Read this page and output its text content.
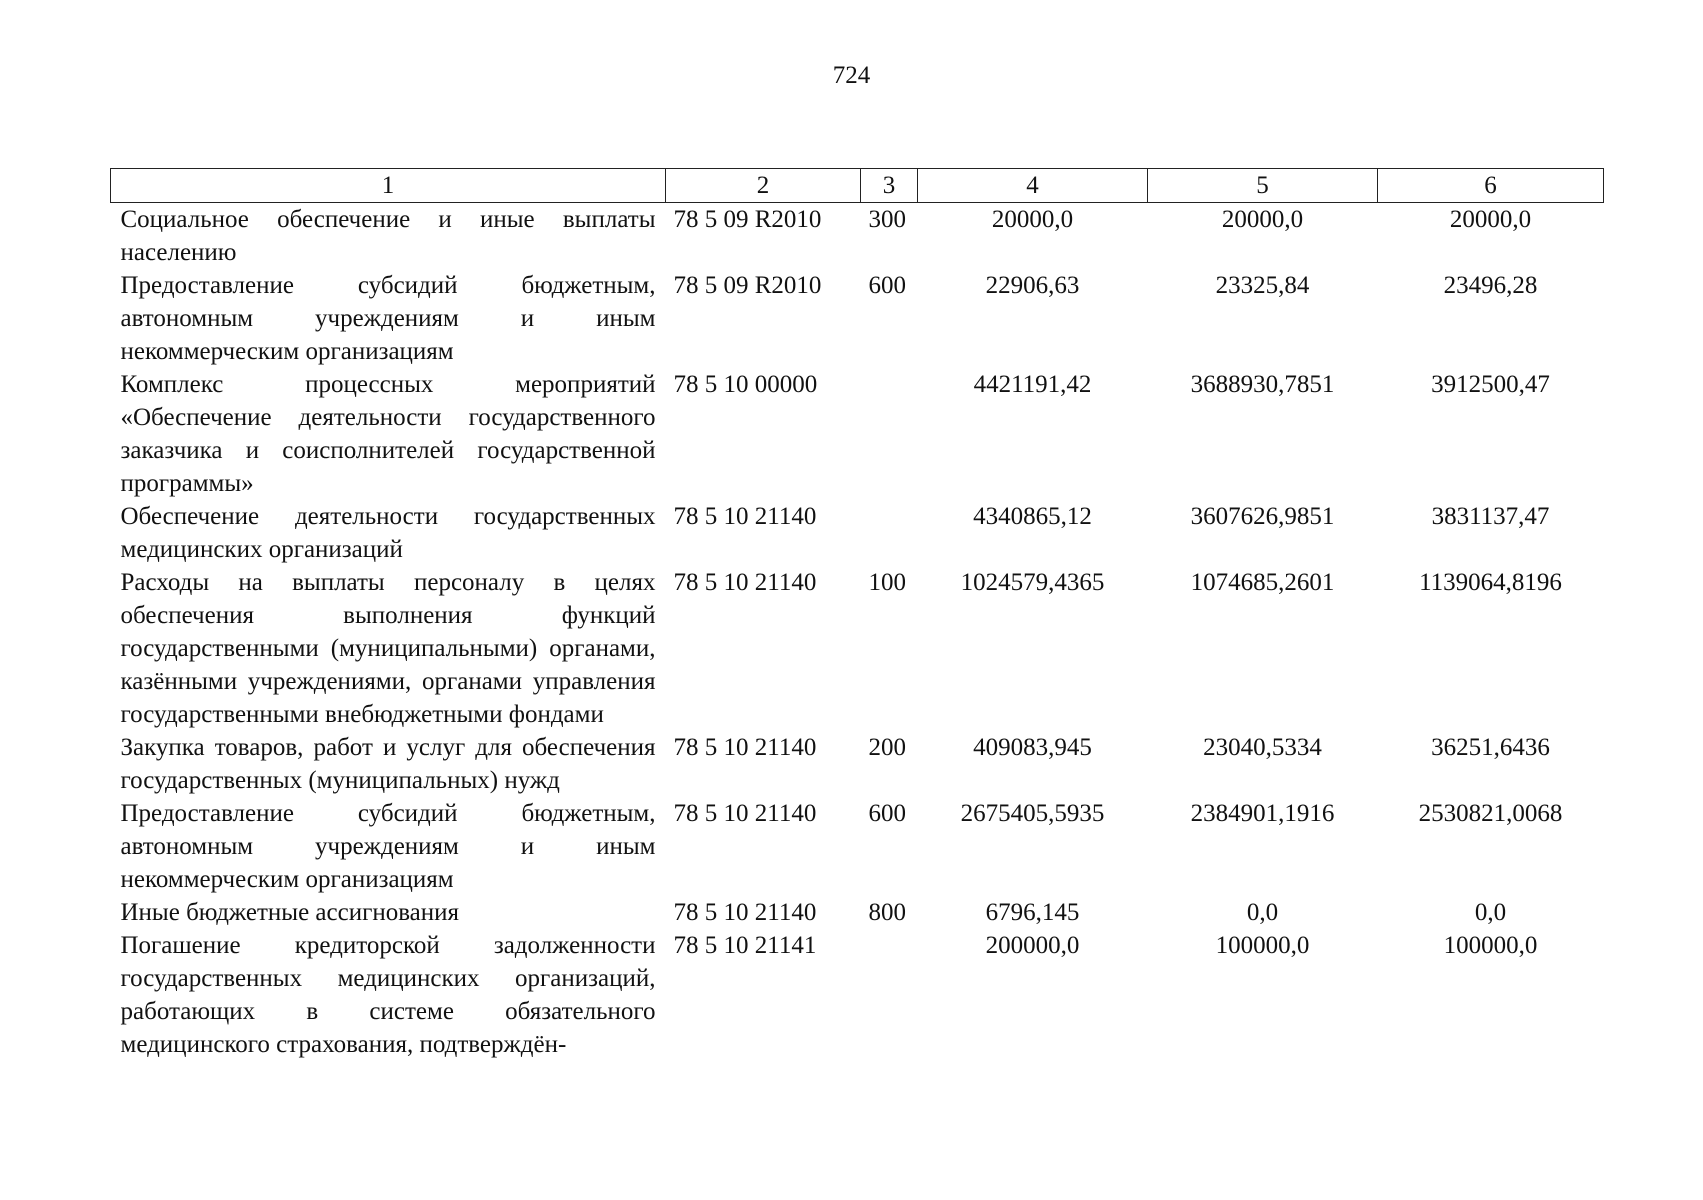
724
1	2	3	4	5	6
Социальное обеспечение и иные выплаты населению	78 5 09 R2010	300	20000,0	20000,0	20000,0
Предоставление субсидий бюджетным, автономным учреждениям и иным некоммерческим организациям	78 5 09 R2010	600	22906,63	23325,84	23496,28
Комплекс процессных мероприятий «Обеспечение деятельности государственного заказчика и соисполнителей государственной программы»	78 5 10 00000		4421191,42	3688930,7851	3912500,47
Обеспечение деятельности государственных медицинских организаций	78 5 10 21140		4340865,12	3607626,9851	3831137,47
Расходы на выплаты персоналу в целях обеспечения выполнения функций государственными (муниципальными) органами, казёнными учреждениями, органами управления государственными внебюджетными фондами	78 5 10 21140	100	1024579,4365	1074685,2601	1139064,8196
Закупка товаров, работ и услуг для обеспечения государственных (муниципальных) нужд	78 5 10 21140	200	409083,945	23040,5334	36251,6436
Предоставление субсидий бюджетным, автономным учреждениям и иным некоммерческим организациям	78 5 10 21140	600	2675405,5935	2384901,1916	2530821,0068
Иные бюджетные ассигнования	78 5 10 21140	800	6796,145	0,0	0,0
Погашение кредиторской задолженности государственных медицинских организаций, работающих в системе обязательного медицинского страхования, подтверждён-	78 5 10 21141		200000,0	100000,0	100000,0
